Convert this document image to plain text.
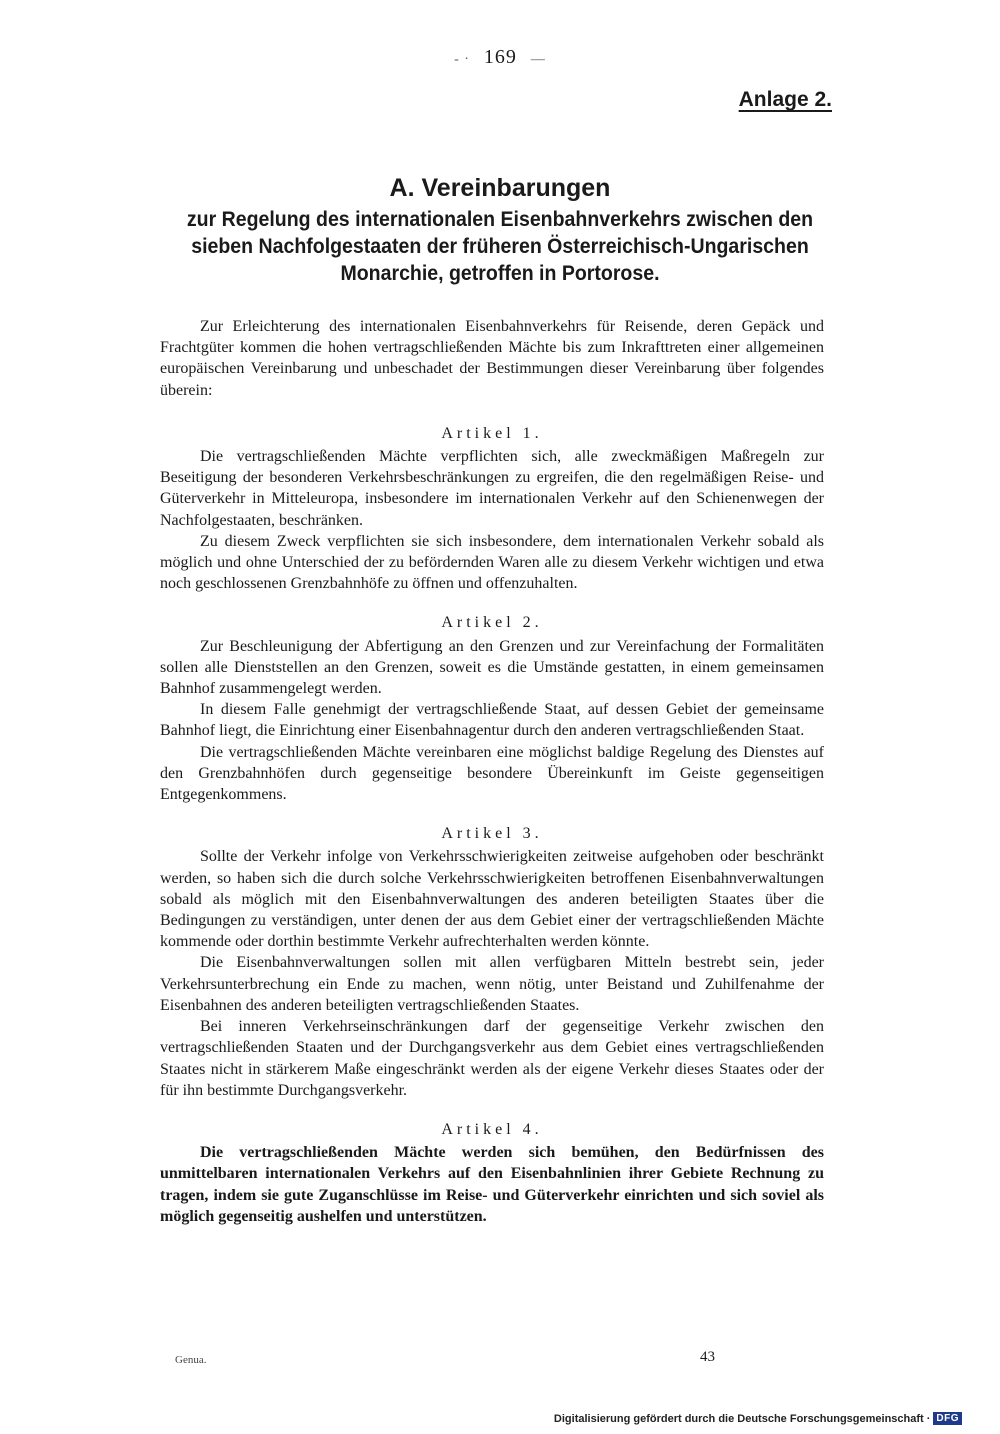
- · 169 —
Anlage 2.
A. Vereinbarungen
zur Regelung des internationalen Eisenbahnverkehrs zwischen den sieben Nachfolgestaaten der früheren Österreichisch-Ungarischen Monarchie, getroffen in Portorose.

Zur Erleichterung des internationalen Eisenbahnverkehrs für Reisende, deren Gepäck und Frachtgüter kommen die hohen vertragschließenden Mächte bis zum Inkrafttreten einer allgemeinen europäischen Vereinbarung und unbeschadet der Bestimmungen dieser Vereinbarung über folgendes überein:

Artikel 1.

Die vertragschließenden Mächte verpflichten sich, alle zweckmäßigen Maßregeln zur Beseitigung der besonderen Verkehrsbeschränkungen zu ergreifen, die den regelmäßigen Reise- und Güterverkehr in Mitteleuropa, insbesondere im internationalen Verkehr auf den Schienenwegen der Nachfolgestaaten, beschränken.

Zu diesem Zweck verpflichten sie sich insbesondere, dem internationalen Verkehr sobald als möglich und ohne Unterschied der zu befördernden Waren alle zu diesem Verkehr wichtigen und etwa noch geschlossenen Grenzbahnhöfe zu öffnen und offenzuhalten.

Artikel 2.

Zur Beschleunigung der Abfertigung an den Grenzen und zur Vereinfachung der Formalitäten sollen alle Dienststellen an den Grenzen, soweit es die Umstände gestatten, in einem gemeinsamen Bahnhof zusammengelegt werden.

In diesem Falle genehmigt der vertragschließende Staat, auf dessen Gebiet der gemeinsame Bahnhof liegt, die Einrichtung einer Eisenbahnagentur durch den anderen vertragschließenden Staat.

Die vertragschließenden Mächte vereinbaren eine möglichst baldige Regelung des Dienstes auf den Grenzbahnhöfen durch gegenseitige besondere Übereinkunft im Geiste gegenseitigen Entgegenkommens.

Artikel 3.

Sollte der Verkehr infolge von Verkehrsschwierigkeiten zeitweise aufgehoben oder beschränkt werden, so haben sich die durch solche Verkehrsschwierigkeiten betroffenen Eisenbahnverwaltungen sobald als möglich mit den Eisenbahnverwaltungen des anderen beteiligten Staates über die Bedingungen zu verständigen, unter denen der aus dem Gebiet einer der vertragschließenden Mächte kommende oder dorthin bestimmte Verkehr aufrechterhalten werden könnte.

Die Eisenbahnverwaltungen sollen mit allen verfügbaren Mitteln bestrebt sein, jeder Verkehrsunterbrechung ein Ende zu machen, wenn nötig, unter Beistand und Zuhilfenahme der Eisenbahnen des anderen beteiligten vertragschließenden Staates.

Bei inneren Verkehrseinschränkungen darf der gegenseitige Verkehr zwischen den vertragschließenden Staaten und der Durchgangsverkehr aus dem Gebiet eines vertragschließenden Staates nicht in stärkerem Maße eingeschränkt werden als der eigene Verkehr dieses Staates oder der für ihn bestimmte Durchgangsverkehr.

Artikel 4.

Die vertragschließenden Mächte werden sich bemühen, den Bedürfnissen des unmittelbaren internationalen Verkehrs auf den Eisenbahnlinien ihrer Gebiete Rechnung zu tragen, indem sie gute Zuganschlüsse im Reise- und Güterverkehr einrichten und sich soviel als möglich gegenseitig aushelfen und unterstützen.

Genua.	43
Digitalisierung gefördert durch die Deutsche Forschungsgemeinschaft · DFG
